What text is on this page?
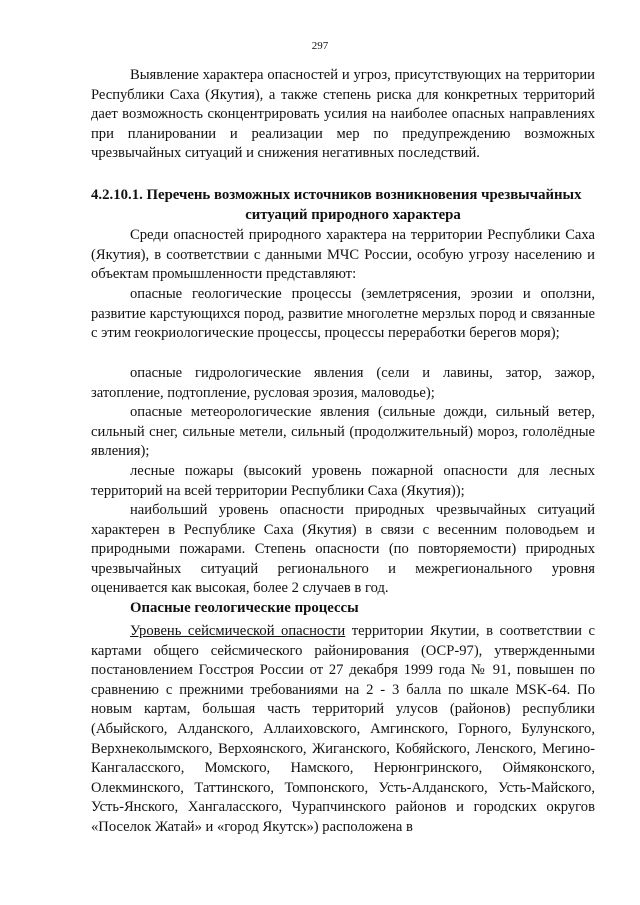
297

Выявление характера опасностей и угроз, присутствующих на территории Республики Саха (Якутия), а также степень риска для конкретных территорий дает возможность сконцентрировать усилия на наиболее опасных направлениях при планировании и реализации мер по предупреждению возможных чрезвычайных ситуаций и снижения негативных последствий.

4.2.10.1. Перечень возможных источников возникновения чрезвычайных
ситуаций природного характера

Среди опасностей природного характера на территории Республики Саха (Якутия), в соответствии с данными МЧС России, особую угрозу населению и объектам промышленности представляют:

опасные геологические процессы (землетрясения, эрозии и оползни, развитие карстующихся пород, развитие многолетне мерзлых пород и связанные с этим геокриологические процессы, процессы переработки берегов моря);

опасные гидрологические явления (сели и лавины, затор, зажор, затопление, подтопление, русловая эрозия, маловодье);

опасные метеорологические явления (сильные дожди, сильный ветер, сильный снег, сильные метели, сильный (продолжительный) мороз, гололёдные явления);

лесные пожары (высокий уровень пожарной опасности для лесных территорий на всей территории Республики Саха (Якутия));

наибольший уровень опасности природных чрезвычайных ситуаций характерен в Республике Саха (Якутия) в связи с весенним половодьем и природными пожарами. Степень опасности (по повторяемости) природных чрезвычайных ситуаций регионального и межрегионального уровня оценивается как высокая, более 2 случаев в год.

Опасные геологические процессы

Уровень сейсмической опасности территории Якутии, в соответствии с картами общего сейсмического районирования (ОСР-97), утвержденными постановлением Госстроя России от 27 декабря 1999 года № 91, повышен по сравнению с прежними требованиями на 2 - 3 балла по шкале MSK-64. По новым картам, большая часть территорий улусов (районов) республики (Абыйского, Алданского, Аллаиховского, Амгинского, Горного, Булунского, Верхнеколымского, Верхоянского, Жиганского, Кобяйского, Ленского, Мегино-Кангаласского, Момского, Намского, Нерюнгринского, Оймяконского, Олекминского, Таттинского, Томпонского, Усть-Алданского, Усть-Майского, Усть-Янского, Хангаласского, Чурапчинского районов и городских округов «Поселок Жатай» и «город Якутск») расположена в
